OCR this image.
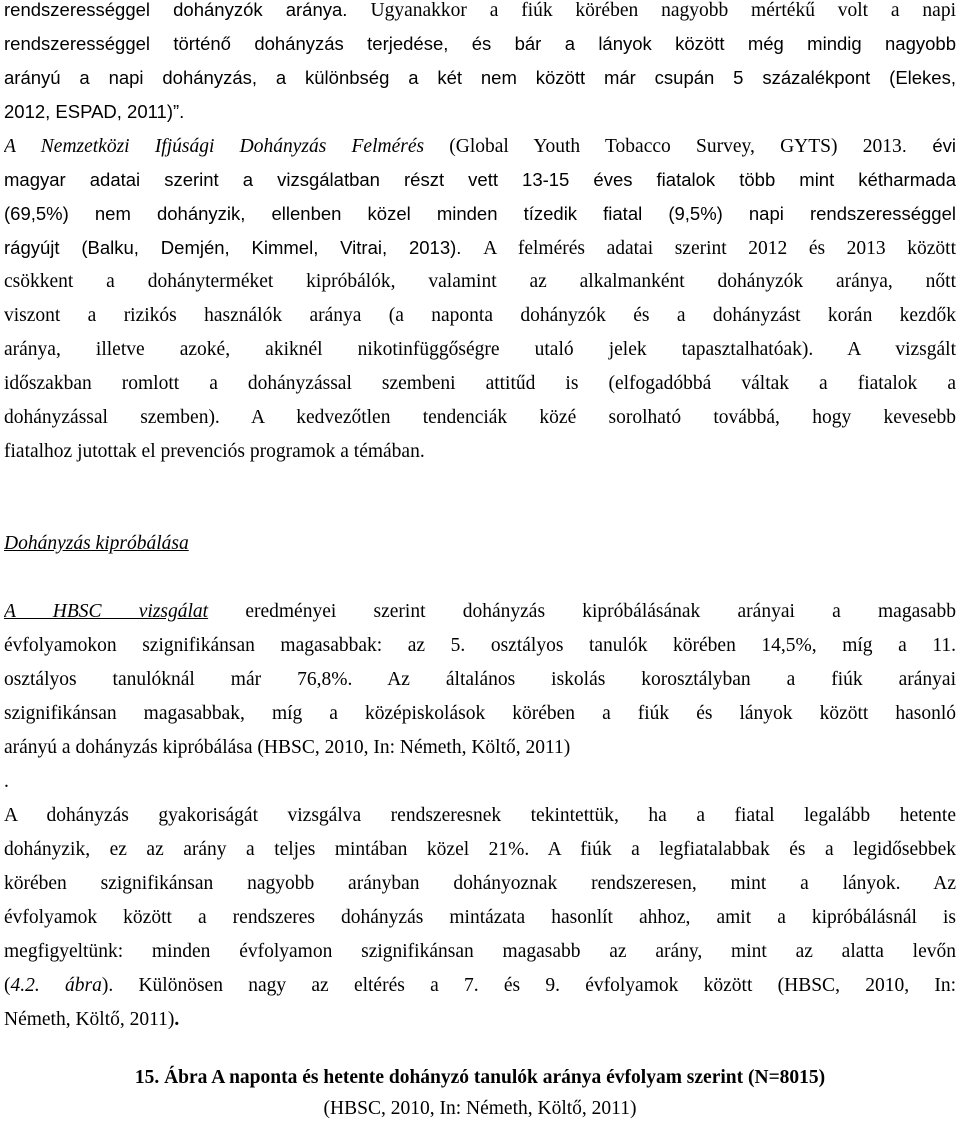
rendszerességgel dohányzók aránya. Ugyanakkor a fiúk körében nagyobb mértékű volt a napi
rendszerességgel történő dohányzás terjedése, és bár a lányok között még mindig nagyobb
arányú a napi dohányzás, a különbség a két nem között már csupán 5 százalékpont (Elekes,
2012, ESPAD, 2011)”.
A Nemzetközi Ifjúsági Dohányzás Felmérés (Global Youth Tobacco Survey, GYTS) 2013. évi
magyar adatai szerint a vizsgálatban részt vett 13-15 éves fiatalok több mint kétharmada
(69,5%) nem dohányzik, ellenben közel minden tízedik fiatal (9,5%) napi rendszerességgel
rágyújt (Balku, Demjén, Kimmel, Vitrai, 2013). A felmérés adatai szerint 2012 és 2013 között
csökkent a dohányterméket kipróbálók, valamint az alkalmanként dohányzók aránya, nőtt
viszont a rizikós használók aránya (a naponta dohányzók és a dohányzást korán kezdők
aránya, illetve azoké, akiknél nikotinfüggőségre utaló jelek tapasztalhatóak). A vizsgált
időszakban romlott a dohányzással szembeni attitűd is (elfogadóbbá váltak a fiatalok a
dohányzással szemben). A kedvezőtlen tendenciák közé sorolható továbbá, hogy kevesebb
fiatalhoz jutottak el prevenciós programok a témában.
Dohányzás kipróbálása
A HBSC vizsgálat eredményei szerint dohányzás kipróbálásának arányai a magasabb
évfolyamokon szignifikánsan magasabbak: az 5. osztályos tanulók körében 14,5%, míg a 11.
osztályos tanulóknál már 76,8%. Az általános iskolás korosztályban a fiúk arányai
szignifikánsan magasabbak, míg a középiskolások körében a fiúk és lányok között hasonló
arányú a dohányzás kipróbálása (HBSC, 2010, In: Németh, Költő, 2011)
.
A dohányzás gyakoriságát vizsgálva rendszeresnek tekintettük, ha a fiatal legalább hetente
dohányzik, ez az arány a teljes mintában közel 21%. A fiúk a legfiatalabbak és a legidősebbek
körében szignifikánsan nagyobb arányban dohányoznak rendszeresen, mint a lányok. Az
évfolyamok között a rendszeres dohányzás mintázata hasonlít ahhoz, amit a kipróbálásnál is
megfigyeltünk: minden évfolyamon szignifikánsan magasabb az arány, mint az alatta levőn
(4.2. ábra). Különösen nagy az eltérés a 7. és 9. évfolyamok között (HBSC, 2010, In:
Németh, Költő, 2011).
15. Ábra A naponta és hetente dohányzó tanulók aránya évfolyam szerint (N=8015)
(HBSC, 2010, In: Németh, Költő, 2011)
